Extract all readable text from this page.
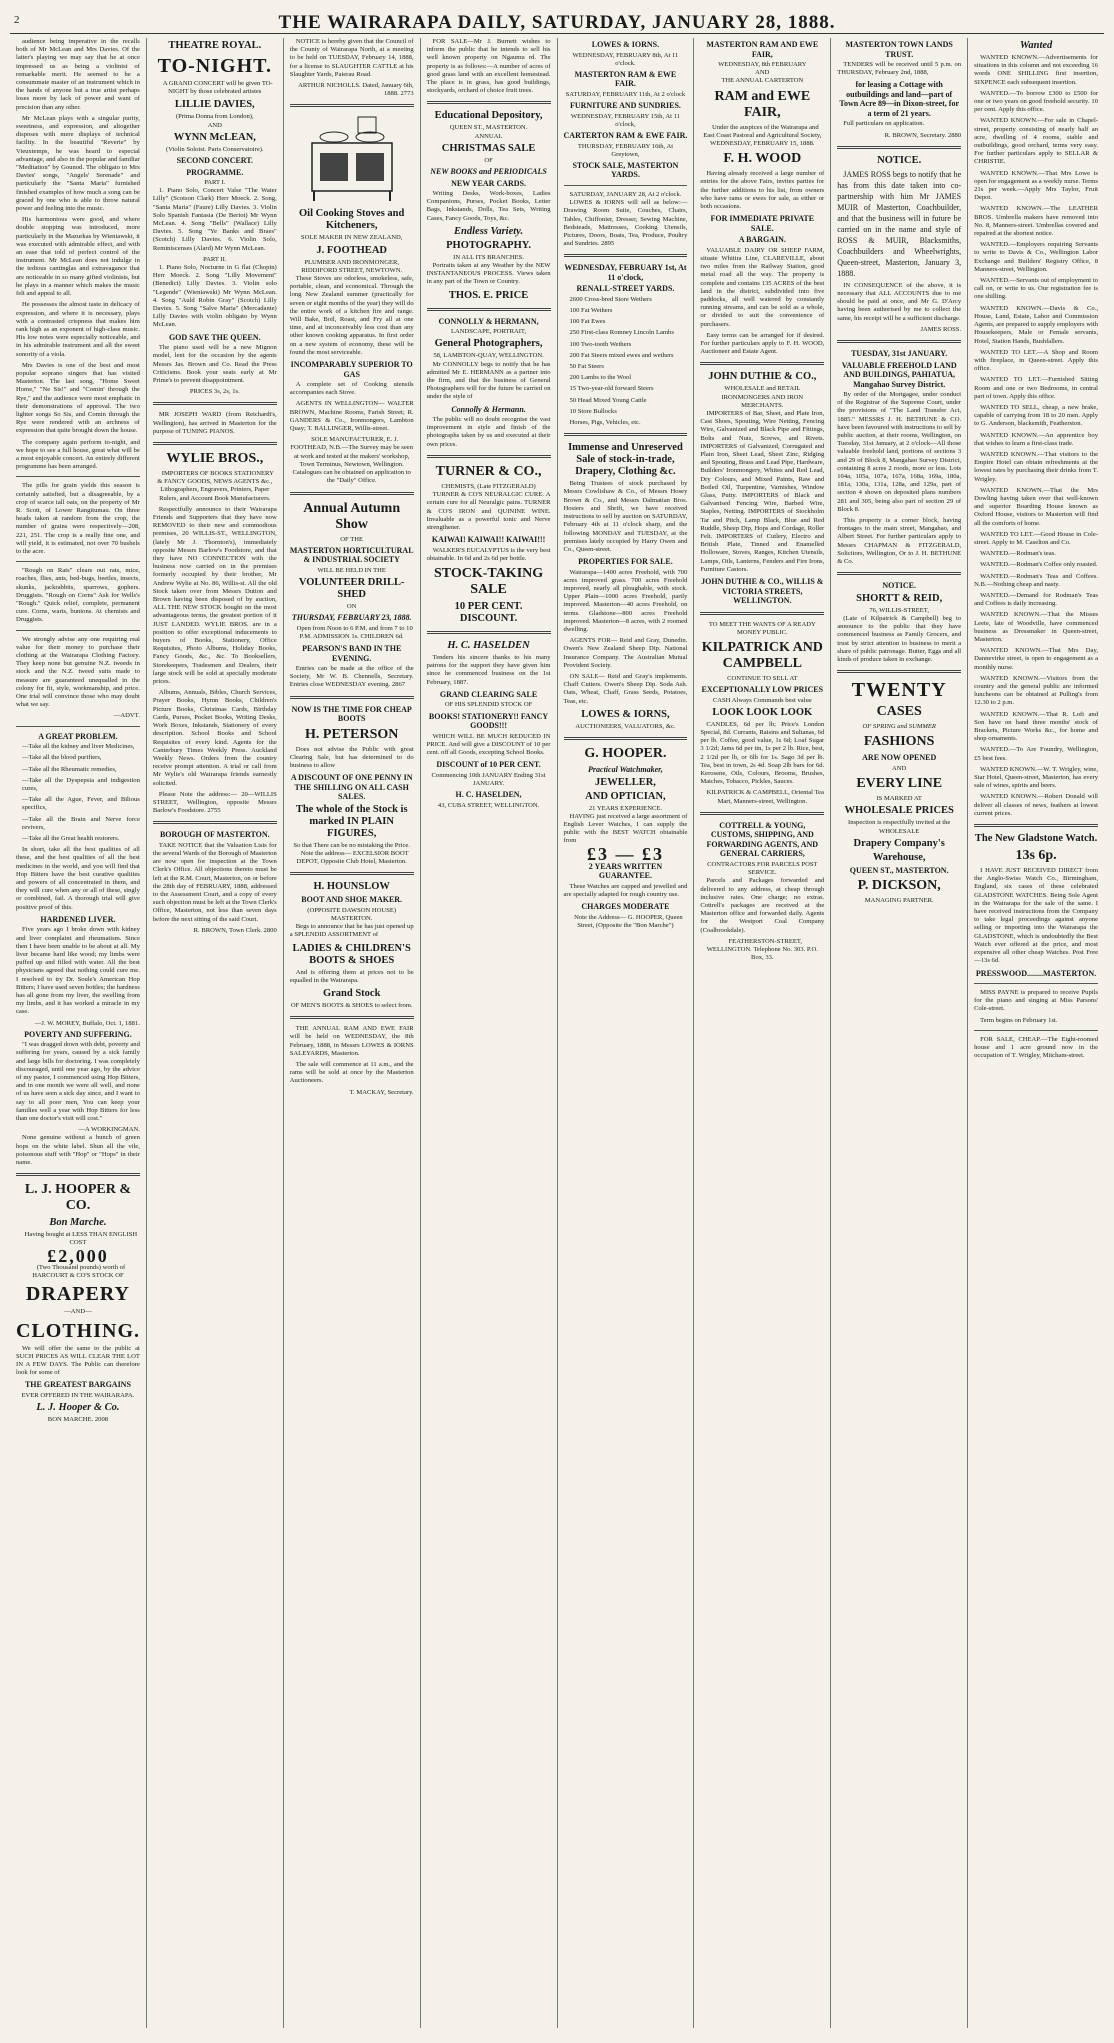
2	THE WAIRARAPA DAILY, SATURDAY, JANUARY 28, 1888.

audience being imperative in the recalls both of Mr McLean and Mrs Davies. Of the latter's playing we may say that he at once impressed us as being a violinist of remarkable merit. He seemed to be a consummate master of an instrument which in the hands of anyone but a true artist perhaps loses more by lack of power and want of precision than any other.

Mr McLean plays with a singular purity, sweetness, and expression, and altogether disposes with mere displays of technical facility. In the beautiful "Reverie" by Vieuxtemps, he was heard to especial advantage, and also in the popular and familiar "Meditation" by Gounod. The obligato to Mrs Davies' songs, "Angels' Serenade" and particularly the "Santa Maria" furnished finished examples of how much a song can be graced by one who is able to throw natural power and feeling into the music.

His harmonious were good, and where double stopping was introduced, more particularly in the Mazurkas by Wieniawski, it was executed with admirable effect, and with an ease that told of perfect control of the instrument. Mr McLean does not indulge in the tedious cantinglas and extravagance that are noticeable in so many gifted violinists, but he plays in a manner which makes the music felt and appeal to all.

He possesses the almost taste in delicacy of expression, and where it is necessary, plays with a contrasted crispness that makes him rank high as an exponent of high-class music. His low notes were especially noticeable, and in his admirable instrument and all the sweet sonority of a viola.

Mrs Davies is one of the best and most popular soprano singers that has visited Masterton. The last song, "Home Sweet Home," "Ne Sis!" and "Comin' through the Rye," and the audience were most emphatic in their demonstrations of approval. The two lighter songs So Sis, and Comin through the Rye were rendered with an archness of expression that quite brought down the house.

The company again perform to-night, and we hope to see a full house, great what will be a most enjoyable concert. An entirely different programme has been arranged.

The pills for grain yields this season is certainly satisfied, but a disagreeable, by a crop of scarce tall oats, on the property of Mr R. Scott, of Lower Rangitumau. On three heads taken at random from the crop, the number of grains were respectively—208, 221, 251. The crop is a really fine one, and will yield, it is estimated, not over 70 bushels to the acre.

"Rough on Rats" clears out rats, mice, roaches, flies, ants, bed-bugs, beetles, insects, skunks, jackrabbits, sparrows, gophers. Druggists. "Rough on Corns" Ask for Wells's "Rough." Quick relief, complete, permanent cure. Corns, warts, bunions. At chemists and Druggists.

We strongly advise any one requiring real value for their money to purchase their clothing at the Wairarapa Clothing Factory. They keep none but genuine N.Z. tweeds in stock and the N.Z. tweed suits made to measure are guaranteed unequalled in the colony for fit, style, workmanship, and price. One trial will convince those who may doubt what we say.

—ADVT.
A GREAT PROBLEM.

—Take all the kidney and liver Medicines,

—Take all the blood purifiers,

—Take all the Rheumatic remedies,

—Take all the Dyspepsia and indigestion cures,

—Take all the Ague, Fever, and Bilious specifics,

—Take all the Brain and Nerve force revivers,

—Take all the Great health restorers.

In short, take all the best qualities of all these, and the best qualities of all the best medicines in the world, and you will find that Hop Bitters have the best curative qualities and powers of all concentrated in them, and they will cure when any or all of these, singly or combined, fail. A thorough trial will give positive proof of this.

HARDENED LIVER.

Five years ago I broke down with kidney and liver complaint and rheumatism. Since then I have been unable to be about at all. My liver became hard like wood; my limbs were puffed up and filled with water. All the best physicians agreed that nothing could cure me. I resolved to try Dr. Soule's American Hop Bitters; I have used seven bottles; the hardness has all gone from my liver, the swelling from my limbs, and it has worked a miracle in my case.

—J. W. MOREY, Buffalo, Oct. 1, 1881.
POVERTY AND SUFFERING.

"I was dragged down with debt, poverty and suffering for years, caused by a sick family and large bills for doctoring. I was completely discouraged, until one year ago, by the advice of my pastor, I commenced using Hop Bitters, and in one month we were all well, and none of us have seen a sick day since, and I want to say to all poor men, You can keep your families well a year with Hop Bitters for less than one doctor's visit will cost."

—A WORKINGMAN.

None genuine without a bunch of green hops on the white label. Shun all the vile, poisonous stuff with "Hop" or "Hops" in their name.

L. J. HOOPER & CO.
Bon Marche.

Having bought at LESS THAN ENGLISH COST

£2,000

(Two Thousand pounds) worth of HARCOURT & CO'S STOCK OF

DRAPERY
—AND—
CLOTHING.

We will offer the same to the public at SUCH PRICES AS WILL CLEAR THE LOT IN A FEW DAYS. The Public can therefore look for some of

THE GREATEST BARGAINS
EVER OFFERED IN THE WAIRARAPA.
L. J. Hooper & Co.
BON MARCHE. 2008
THEATRE ROYAL.
TO-NIGHT.

A GRAND CONCERT will be given TO-NIGHT by those celebrated artistes

LILLIE DAVIES,
(Prima Donna from London),
AND
WYNN McLEAN,
(Violin Soloist. Paris Conservatoire).
SECOND CONCERT.
PROGRAMME.
PART I.

1. Piano Solo, Concert Valse "The Water Lilly" (Scotson Clark) Herr Moeck. 2. Song, "Santa Maria" (Faure) Lilly Davies. 3. Violin Solo Spanish Fantasia (De Beriot) Mr Wynn McLean. 4. Song "Bells" (Wallace) Lilly Davies. 5. Song "Ye Banks and Braes" (Scotch) Lilly Davies. 6. Violin Solo, Reminiscenses (Alard) Mr Wynn McLean.

PART II.

1. Piano Solo, Nocturne in G flat (Chopin) Herr Moeck. 2. Song "Lilly Movement" (Benedict) Lilly Davies. 3. Violin solo "Legende" (Wieniawski) Mr Wynn McLean. 4. Song "Auld Robin Gray" (Scotch) Lilly Davies. 5. Song "Salve Maria" (Mercadante) Lilly Davies with violin obligato by Wynn McLean.

GOD SAVE THE QUEEN.

The piano used will be a new Mignon model, lent for the occasion by the agents Messrs Jas. Brown and Co. Read the Press Criticisms. Book your seats early at Mr Prime's to prevent disappointment.

PRICES 3s, 2s, 1s.

MR JOSEPH WARD (from Reichardt's, Wellington), has arrived in Masterton for the purpose of TUNING PIANOS.

WYLIE BROS.,

IMPORTERS OF BOOKS STATIONERY & FANCY GOODS, NEWS AGENTS &c., Lithographers, Engravers, Printers, Paper Rulers, and Account Book Manufacturers.

Respectfully announce to their Wairarapa Friends and Supporters that they have now REMOVED to their new and commodious premises, 20 WILLIS-ST., WELLINGTON, (lately Mr J. Thornton's), immediately opposite Messrs Barlow's Foodstore, and that they have NO CONNECTION with the business now carried on in the premises formerly occupied by their brother, Mr Andrew Wylie at No. 86, Willis-st. All the old Stock taken over from Messrs Dutton and Brown having been disposed of by auction, ALL THE NEW STOCK bought on the most advantageous terms, the greatest portion of it JUST LANDED. WYLIE BROS. are in a position to offer exceptional inducements to buyers of Books, Stationery, Office Requisites, Photo Albums, Holiday Books, Fancy Goods, &c., &c. To Booksellers, Storekeepers, Tradesmen and Dealers, their large stock will be sold at specially moderate prices.

Albums, Annuals, Bibles, Church Services, Prayer Books, Hymn Books, Children's Picture Books, Christmas Cards, Birthday Cards, Purses, Pocket Books, Writing Desks, Work Boxes, Inkstands, Stationery of every description. School Books and School Requisites of every kind. Agents for the Canterbury Times Weekly Press. Auckland Weekly News. Orders from the country receive prompt attention. A trial or call from Mr Wylie's old Wairarapa friends earnestly solicited.

Please Note the address:— 20—WILLIS STREET, Wellington, opposite Messrs Barlow's Foodstore. 2755

BOROUGH OF MASTERTON.

TAKE NOTICE that the Valuation Lists for the several Wards of the Borough of Masterton are now open for inspection at the Town Clerk's Office. All objections thereto must be left at the R.M. Court, Masterton, on or before the 28th day of FEBRUARY, 1888, addressed to the Assessment Court, and a copy of every such objection must be left at the Town Clerk's Office, Masterton, not less than seven days before the next sitting of the said Court.

R. BROWN, Town Clerk. 2800

NOTICE is hereby given that the Council of the County of Wairarapa North, at a meeting to be held on TUESDAY, February 14, 1888, for a license to SLAUGHTER CATTLE at his Slaughter Yards, Paierau Road.

ARTHUR NICHOLLS. Dated, January 6th, 1888. 2773
Oil Cooking Stoves and Kitcheners,
SOLE MAKER IN NEW ZEALAND,
J. FOOTHEAD
PLUMBER AND IRONMONGER, RIDDIFORD STREET, NEWTOWN.

These Stoves are odorless, smokeless, safe, portable, clean, and economical. Through the long New Zealand summer (practically for seven or eight months of the year) they will do the entire work of a kitchen fire and range. Will Bake, Boil, Roast, and Fry all at one time, and at inconceivably less cost than any other known cooking apparatus. In first order on a new system of economy, these will be found the most serviceable.

INCOMPARABLY SUPERIOR TO GAS

A complete set of Cooking utensils accompanies each Stove.

AGENTS IN WELLINGTON— WALTER BROWN, Machine Rooms, Farish Street; R. GANDERS & Co., Ironmongers, Lambton Quay; T. BALLINGER, Willis-street.

SOLE MANUFACTURER, E. J. FOOTHEAD, N.B.—The Survey may be seen at work and tested at the makers' workshop, Town Terminus, Newtown, Wellington. Catalogues can be obtained on application to the "Daily" Office.

Annual Autumn Show
OF THE
MASTERTON HORTICULTURAL & INDUSTRIAL SOCIETY
WILL BE HELD IN THE
VOLUNTEER DRILL-SHED
ON
THURSDAY, FEBRUARY 23, 1888.

Open from Noon to 6 P.M. and from 7 to 10 P.M. ADMISSION 1s. CHILDREN 6d.

PEARSON'S BAND IN THE EVENING.

Entries can be made at the office of the Society, Mr W. B. Chennells, Secretary. Entries close WEDNESDAY evening. 2867

NOW IS THE TIME FOR CHEAP BOOTS
H. PETERSON

Does not advise the Public with great Clearing Sale, but has determined to do business to allow

A DISCOUNT OF ONE PENNY IN THE SHILLING ON ALL CASH SALES.
The whole of the Stock is marked IN PLAIN FIGURES,
So that There can be no mistaking the Price.

Note the address— EXCELSIOR BOOT DEPOT, Opposite Club Hotel, Masterton.

H. HOUNSLOW
BOOT AND SHOE MAKER.
(OPPOSITE DAWSON HOUSE)
MASTERTON.

Begs to announce that he has just opened up a SPLENDID ASSORTMENT of

LADIES & CHILDREN'S BOOTS & SHOES

And is offering them at prices not to be equalled in the Wairarapa.

Grand Stock
OF MEN'S BOOTS & SHOES to select from.

THE ANNUAL RAM AND EWE FAIR will be held on WEDNESDAY, the 8th February, 1888, in Messrs LOWES & IORNS SALEYARDS, Masterton.

The sale will commence at 11 a.m., and the rams will be sold at once by the Masterton Auctioneers.

T. MACKAY, Secretary.

FOR SALE—Mr J. Burnett wishes to inform the public that he intends to sell his well known property on Ngaumu rd. The property is as follows:—A number of acres of good grass land with an excellent homestead. The place is in grass, has good buildings, stockyards, orchard of choice fruit trees.

Educational Depository,
QUEEN ST., MASTERTON.
ANNUAL
CHRISTMAS SALE
OF
NEW BOOKS and PERIODICALS
NEW YEAR CARDS.

Writing Desks, Work-boxes, Ladies Companions, Purses, Pocket Books, Letter Bags, Inkstands, Dolls, Tea Sets, Writing Cases, Fancy Goods, Toys, &c.

Endless Variety.
PHOTOGRAPHY.
IN ALL ITS BRANCHES.

Portraits taken at any Weather by the NEW INSTANTANEOUS PROCESS. Views taken in any part of the Town or Country.

THOS. E. PRICE
CONNOLLY & HERMANN,
LANDSCAPE, PORTRAIT,
General Photographers,
58, LAMBTON-QUAY, WELLINGTON.

Mr CONNOLLY begs to notify that he has admitted Mr E. HERMANN as a partner into the firm, and that the business of General Photographers will for the future be carried on under the style of

Connolly & Hermann.

The public will no doubt recognise the vast improvement in style and finish of the photographs taken by us and executed at their own prices.

TURNER & CO.,
CHEMISTS, (Late FITZGERALD)

TURNER & CO'S NEURALGIC CURE. A certain cure for all Neuralgic pains. TURNER & CO'S IRON and QUININE WINE. Invaluable as a powerful tonic and Nerve strengthener.

KAIWAI! KAIWAI!! KAIWAI!!!

WALKER'S EUCALYPTUS is the very best obtainable. In 6d and 2s 6d per bottle.

STOCK-TAKING SALE
10 PER CENT. DISCOUNT.
H. C. HASELDEN

Tenders his sincere thanks to his many patrons for the support they have given him since he commenced business on the 1st February, 1887.

GRAND CLEARING SALE
OF HIS SPLENDID STOCK OF
BOOKS! STATIONERY!! FANCY GOODS!!!

WHICH WILL BE MUCH REDUCED IN PRICE. And will give a DISCOUNT of 10 per cent. off all Goods, excepting School Books.

DISCOUNT of 10 PER CENT.
Commencing 10th JANUARY Ending 31st JANUARY.
H. C. HASELDEN,
43, CUBA STREET, WELLINGTON.
LOWES & IORNS.
WEDNESDAY, FEBRUARY 8th, At 11 o'clock.
MASTERTON RAM & EWE FAIR.
SATURDAY, FEBRUARY 11th, At 2 o'clock
FURNITURE AND SUNDRIES.
WEDNESDAY, FEBRUARY 15th, At 11 o'clock,
CARTERTON RAM & EWE FAIR.
THURSDAY, FEBRUARY 16th, At Greytown,
STOCK SALE, MASTERTON YARDS.
SATURDAY, JANUARY 28, At 2 o'clock.

LOWES & IORNS will sell as below:— Drawing Room Suite, Couches, Chairs, Tables, Chiffonier, Dresser, Sewing Machine, Bedsteads, Mattresses, Cooking Utensils, Pictures, Doors, Boats, Tea, Produce, Poultry and Sundries. 2895

WEDNESDAY, FEBRUARY 1st, At 11 o'clock,
RENALL-STREET YARDS.

2600 Cross-bred Store Wethers

100 Fat Wethers

100 Fat Ewes

250 First-class Romney Lincoln Lambs

100 Two-tooth Wethers

200 Fat Steers mixed ewes and wethers

50 Fat Steers

200 Lambs to the Wool

15 Two-year-old forward Steers

50 Head Mixed Young Cattle

10 Store Bullocks

Horses, Pigs, Vehicles, etc.

Immense and Unreserved Sale of stock-in-trade, Drapery, Clothing &c.

Being Trustees of stock purchased by Messrs Cowlishaw & Co., of Messrs Hosey Brown & Co., and Messrs Dalmatian Bros. Hosiers and Shrift, we have received instructions to sell by auction on SATURDAY, February 4th at 11 o'clock sharp, and the following MONDAY and TUESDAY, at the premises lately occupied by Harry Owen and Co., Queen-street.

PROPERTIES FOR SALE.

Wairarapa—1400 acres Freehold, with 700 acres improved grass. 700 acres Freehold improved, nearly all ploughable, with stock. Upper Plain—1000 acres Freehold, partly improved. Masterton—40 acres Freehold, on terms. Gladstone—800 acres Freehold improved. Masterton—8 acres, with 2 roomed dwelling.

AGENTS FOR— Reid and Gray, Dunedin. Owen's New Zealand Sheep Dip. National Insurance Company. The Australian Mutual Provident Society.

ON SALE— Reid and Gray's implements. Chaff Cutters. Owen's Sheep Dip. Soda Ash. Oats, Wheat, Chaff, Grass Seeds, Potatoes, Teas, etc.

LOWES & IORNS,
AUCTIONEERS, VALUATORS, &c.
G. HOOPER.
Practical Watchmaker,
JEWELLER,
AND OPTICIAN,
21 YEARS EXPERIENCE.

HAVING just received a large assortment of English Lever Watches, I can supply the public with the BEST WATCH obtainable from

£3 — £3
2 YEARS WRITTEN GUARANTEE.

These Watches are capped and jewelled and are specially adapted for rough country use.

CHARGES MODERATE

Note the Address— G. HOOPER, Queen Street, (Opposite the "Bon Marche")

MASTERTON RAM AND EWE FAIR,
WEDNESDAY, 8th FEBRUARY
AND
THE ANNUAL CARTERTON
RAM and EWE FAIR,

Under the auspices of the Wairarapa and East Coast Pastoral and Agricultural Society, WEDNESDAY, FEBRUARY 15, 1888.

F. H. WOOD

Having already received a large number of entries for the above Fairs, invites parties for the further additions to his list, from owners who have rams or ewes for sale, as either or both occasions.

FOR IMMEDIATE PRIVATE SALE.
A BARGAIN.

VALUABLE DAIRY OR SHEEP FARM, situate Whitira Line, CLAREVILLE, about two miles from the Railway Station, good metal road all the way. The property is complete and contains 135 ACRES of the best land in the district, subdivided into five paddocks, all well watered by constantly running streams, and can be sold as a whole, or divided to suit the convenience of purchasers.

Easy terms can be arranged for if desired. For further particulars apply to F. H. WOOD, Auctioneer and Estate Agent.

JOHN DUTHIE & CO.,
WHOLESALE and RETAIL IRONMONGERS AND IRON MERCHANTS.

IMPORTERS of Bar, Sheet, and Plate Iron, Cast Shoes, Spouting, Wire Netting, Fencing Wire, Galvanized and Black Pipe and Fittings, Bolts and Nuts, Screws, and Rivets. IMPORTERS of Galvanized, Corrugated and Plain Iron, Sheet Lead, Sheet Zinc, Ridging and Spouting, Brass and Lead Pipe, Hardware, Builders' Ironmongery, Whites and Red Lead, Dry Colours, and Mixed Paints, Raw and Boiled Oil, Turpentine, Varnishes, Window Glass, Putty. IMPORTERS of Black and Galvanised Fencing Wire, Barbed Wire, Staples, Netting. IMPORTERS of Stockholm Tar and Pitch, Lamp Black, Blue and Red Ruddle, Sheep Dip, Hops and Cordage, Roller Felt. IMPORTERS of Cutlery, Electro and British Plate, Tinned and Enamelled Holloware, Stoves, Ranges, Kitchen Utensils, Lamps, Oils, Lanterns, Fenders and Fire Irons, Furniture Castors.

JOHN DUTHIE & CO., WILLIS & VICTORIA STREETS, WELLINGTON.
TO MEET THE WANTS OF A READY MONEY PUBLIC.
KILPATRICK AND CAMPBELL
CONTINUE TO SELL AT
EXCEPTIONALLY LOW PRICES
CASH Always Commands best value
LOOK LOOK LOOK

CANDLES, 6d per lb; Price's London Special, 8d. Currants, Raisins and Sultanas, 6d per lb. Coffee, good value, 1s 6d; Loaf Sugar 3 1/2d; Jams 6d per tin, 1s per 2 lb. Rice, best, 2 1/2d per lb, or 6lb for 1s. Sago 3d per lb. Tea, best in town, 2s 4d. Soap 2lb bars for 6d. Kerosene, Oils, Colours, Brooms, Brushes, Matches, Tobacco, Pickles, Sauces.

KILPATRICK & CAMPBELL, Oriental Tea Mart, Manners-street, Wellington.

COTTRELL & YOUNG, CUSTOMS, SHIPPING, AND FORWARDING AGENTS, AND GENERAL CARRIERS,
CONTRACTORS FOR PARCELS POST SERVICE.

Parcels and Packages forwarded and delivered to any address, at cheap through inclusive rates. One charge; no extras. Cottrell's packages are received at the Masterton office and forwarded daily. Agents for the Westport Coal Company (Coalbrookdale).

FEATHERSTON-STREET, WELLINGTON. Telephone No. 303. P.O. Box, 33.

MASTERTON TOWN LANDS TRUST.

TENDERS will be received until 5 p.m. on THURSDAY, February 2nd, 1888,

for leasing a Cottage with outbuildings and land—part of Town Acre 89—in Dixon-street, for a term of 21 years.

Full particulars on application.

R. BROWN, Secretary. 2880
NOTICE.

JAMES ROSS begs to notify that he has from this date taken into co-partnership with him Mr JAMES MUIR of Masterton, Coachbuilder, and that the business will in future be carried on in the name and style of ROSS & MUIR, Blacksmiths, Coachbuilders and Wheelwrights, Queen-street, Masterton, January 3, 1888.

IN CONSEQUENCE of the above, it is necessary that ALL ACCOUNTS due to me should be paid at once, and Mr G. D'Arcy having been authorised by me to collect the same, his receipt will be a sufficient discharge.

JAMES ROSS.
TUESDAY, 31st JANUARY.
VALUABLE FREEHOLD LAND AND BUILDINGS, PAHIATUA, Mangahao Survey District.

By order of the Mortgagee, under conduct of the Registrar of the Supreme Court, under the provisions of "The Land Transfer Act, 1885." MESSRS J. H. BETHUNE & CO. have been favoured with instructions to sell by public auction, at their rooms, Wellington, on Tuesday, 31st January, at 2 o'clock—All those valuable freehold land, portions of sections 3 and 29 of Block 8, Mangahao Survey District, containing 8 acres 2 roods, more or less. Lots 104a, 105a, 107a, 167a, 168a, 169a, 180a, 181a, 130a, 131a, 128a, and 129a, part of section 4 shown on deposited plans numbers 281 and 305, being also part of section 29 of Block 8.

This property is a corner block, having frontages to the main street, Mangahao, and Albert Street. For further particulars apply to Messrs CHAPMAN & FITZGERALD, Solicitors, Wellington, Or to J. H. BETHUNE & Co.

NOTICE.
SHORTT & REID,
76, WILLIS-STREET,

(Late of Kilpatrick & Campbell) beg to announce to the public that they have commenced business as Family Grocers, and trust by strict attention to business to merit a share of public patronage. Butter, Eggs and all kinds of produce taken in exchange.

TWENTY
CASES
OF SPRING and SUMMER
FASHIONS
ARE NOW OPENED
AND
EVERY LINE
IS MARKED AT
WHOLESALE PRICES
Inspection is respectfully invited at the
WHOLESALE
Drapery Company's
Warehouse,
QUEEN ST., MASTERTON.
P. DICKSON,
MANAGING PARTNER.
Wanted

WANTED KNOWN.—Advertisements for situations in this column and not exceeding 16 words ONE SHILLING first insertion, SIXPENCE each subsequent insertion.

WANTED.—To borrow £300 to £500 for one or two years on good freehold security. 10 per cent. Apply this office.

WANTED KNOWN.—For sale in Chapel-street, property consisting of nearly half an acre, dwelling of 4 rooms, stable and outbuildings, good orchard, terms very easy. For further particulars apply to SELLAR & CHRISTIE.

WANTED KNOWN.—That Mrs Lowe is open for engagement as a weekly nurse. Terms 21s per week.—Apply Mrs Taylor, Fruit Depot.

WANTED KNOWN.—The LEATHER BROS. Umbrella makers have removed into No. 8, Manners-street. Umbrellas covered and repaired at the shortest notice.

WANTED.—Employers requiring Servants to write to Davis & Co., Wellington Labor Exchange and Builders' Registry Office, 8 Manners-street, Wellington.

WANTED.—Servants out of employment to call on, or write to us. Our registration fee is one shilling.

WANTED KNOWN.—Davis & Co., House, Land, Estate, Labor and Commission Agents, are prepared to supply employers with Housekeepers, Male or Female servants, Hotel, Station Hands, Bushfallers.

WANTED TO LET.—A Shop and Room with fireplace, in Queen-street. Apply this office.

WANTED TO LET.—Furnished Sitting Room and one or two Bedrooms, in central part of town. Apply this office.

WANTED TO SELL, cheap, a new brake, capable of carrying from 18 to 20 men. Apply to G. Anderson, blacksmith, Featherston.

WANTED KNOWN.—An apprentice boy that wishes to learn a first-class trade.

WANTED KNOWN.—That visitors to the Empire Hotel can obtain refreshments at the lowest rates by purchasing their drinks from T. Wrigley.

WANTED KNOWN.—That the Mrs Dowling having taken over that well-known and superior Boarding House known as Oxford House, visitors to Masterton will find all the comforts of home.

WANTED TO LET.—Good House in Cole-street. Apply to M. Caselton and Co.

WANTED.—Rodman's teas.

WANTED.—Rodman's Coffee only roasted.

WANTED.—Rodman's Teas and Coffees. N.B.—Nothing cheap and nasty.

WANTED.—Demand for Rodman's Teas and Coffees is daily increasing.

WANTED KNOWN.—That the Misses Leete, late of Woodville, have commenced business as Dressmaker in Queen-street, Masterton.

WANTED KNOWN.—That Mrs Day, Dannevirke street, is open to engagement as a monthly nurse.

WANTED KNOWN.—Visitors from the country and the general public are informed luncheons can be obtained at Pulling's from 12.30 to 2 p.m.

WANTED KNOWN.—That R. Loft and Son have on hand three months' stock of Brackets, Picture Works &c., for home and shop ornaments.

WANTED.—To Are Foundry, Wellington, £5 best fees.

WANTED KNOWN.—W. T. Wrigley, wine, Star Hotel, Queen-street, Masterton, has every sale of wines, spirits and beers.

WANTED KNOWN.—Robert Donald will deliver all classes of news, feathers at lowest current prices.

The New Gladstone Watch.
13s 6p.

I HAVE JUST RECEIVED DIRECT from the Anglo-Swiss Watch Co., Birmingham, England, six cases of these celebrated GLADSTONE WATCHES. Being Sole Agent in the Wairarapa for the sale of the same. I have received instructions from the Company to take legal proceedings against anyone selling or importing into the Wairarapa the GLADSTONE, which is undoubtedly the Best Watch ever offered at the price, and most expensive all other cheap Watches. Post Free—13s 6d.

PRESSWOOD........MASTERTON.

MISS PAYNE is prepared to receive Pupils for the piano and singing at Miss Parsons' Cole-street.

Term begins on February 1st.

FOR SALE, CHEAP.—The Eight-roomed house and 1 acre ground now in the occupation of T. Wrigley, Mitcham-street.
